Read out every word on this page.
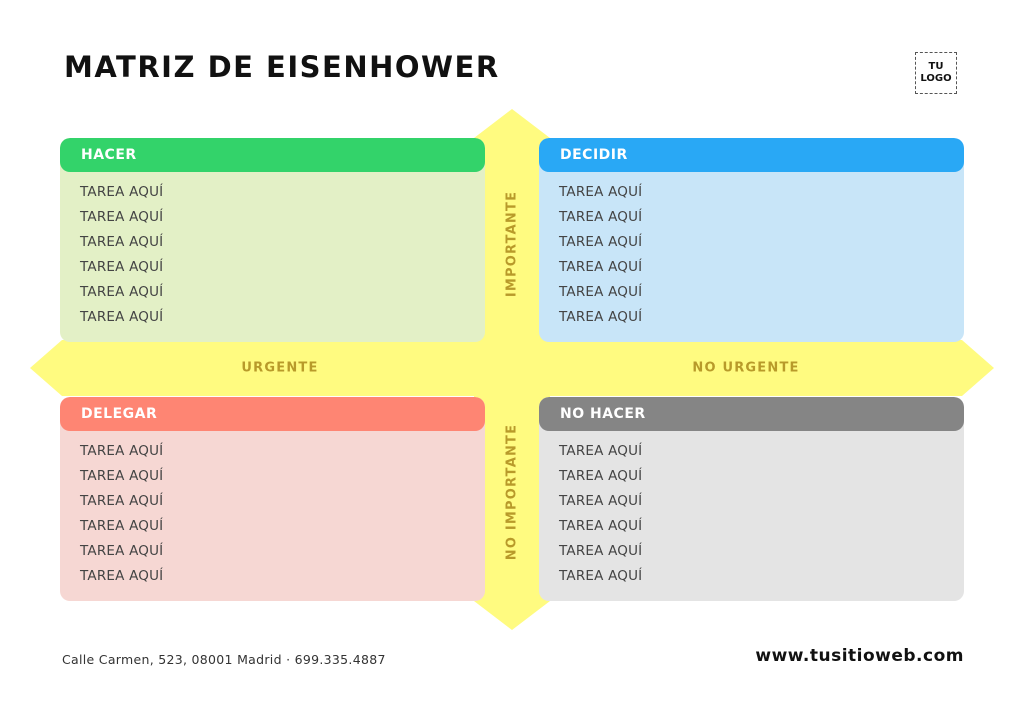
MATRIZ DE EISENHOWER	TU
LOGO
HACER
TAREA AQUÍ
TAREA AQUÍ
TAREA AQUÍ
TAREA AQUÍ
TAREA AQUÍ
TAREA AQUÍ
DECIDIR
TAREA AQUÍ
TAREA AQUÍ
TAREA AQUÍ
TAREA AQUÍ
TAREA AQUÍ
TAREA AQUÍ
DELEGAR
TAREA AQUÍ
TAREA AQUÍ
TAREA AQUÍ
TAREA AQUÍ
TAREA AQUÍ
TAREA AQUÍ
NO HACER
TAREA AQUÍ
TAREA AQUÍ
TAREA AQUÍ
TAREA AQUÍ
TAREA AQUÍ
TAREA AQUÍ
URGENTE	NO URGENTE
IMPORTANTE
NO IMPORTANTE
Calle Carmen, 523, 08001 Madrid · 699.335.4887	www.tusitioweb.com
